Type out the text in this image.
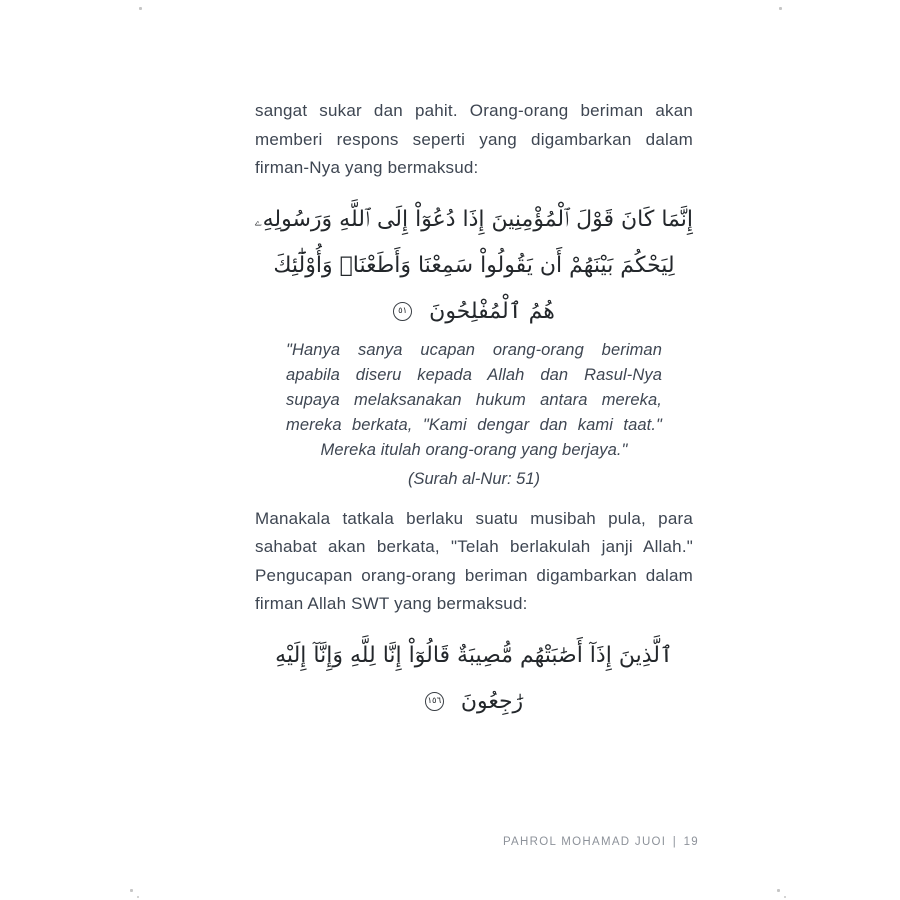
sangat sukar dan pahit. Orang-orang beriman akan memberi respons seperti yang digambarkan dalam firman-Nya yang bermaksud:

إِنَّمَا كَانَ قَوْلَ ٱلْمُؤْمِنِينَ إِذَا دُعُوٓاْ إِلَى ٱللَّهِ وَرَسُولِهِۦ
لِيَحْكُمَ بَيْنَهُمْ أَن يَقُولُواْ سَمِعْنَا وَأَطَعْنَاۚ وَأُوْلَٰٓئِكَ
هُمُ ٱلْمُفْلِحُونَ
٥١
"Hanya sanya ucapan orang-orang beriman apabila diseru kepada Allah dan Rasul-Nya supaya melaksanakan hukum antara mereka, mereka berkata, "Kami dengar dan kami taat." Mereka itulah orang-orang yang berjaya."
(Surah al-Nur: 51)

Manakala tatkala berlaku suatu musibah pula, para sahabat akan berkata, "Telah berlakulah janji Allah." Pengucapan orang-orang beriman digambarkan dalam firman Allah SWT yang bermaksud:

ٱلَّذِينَ إِذَآ أَصَٰبَتْهُم مُّصِيبَةٌ قَالُوٓاْ إِنَّا لِلَّهِ وَإِنَّآ إِلَيْهِ
رَٰجِعُونَ
١٥٦
PAHROL MOHAMAD JUOI | 19
